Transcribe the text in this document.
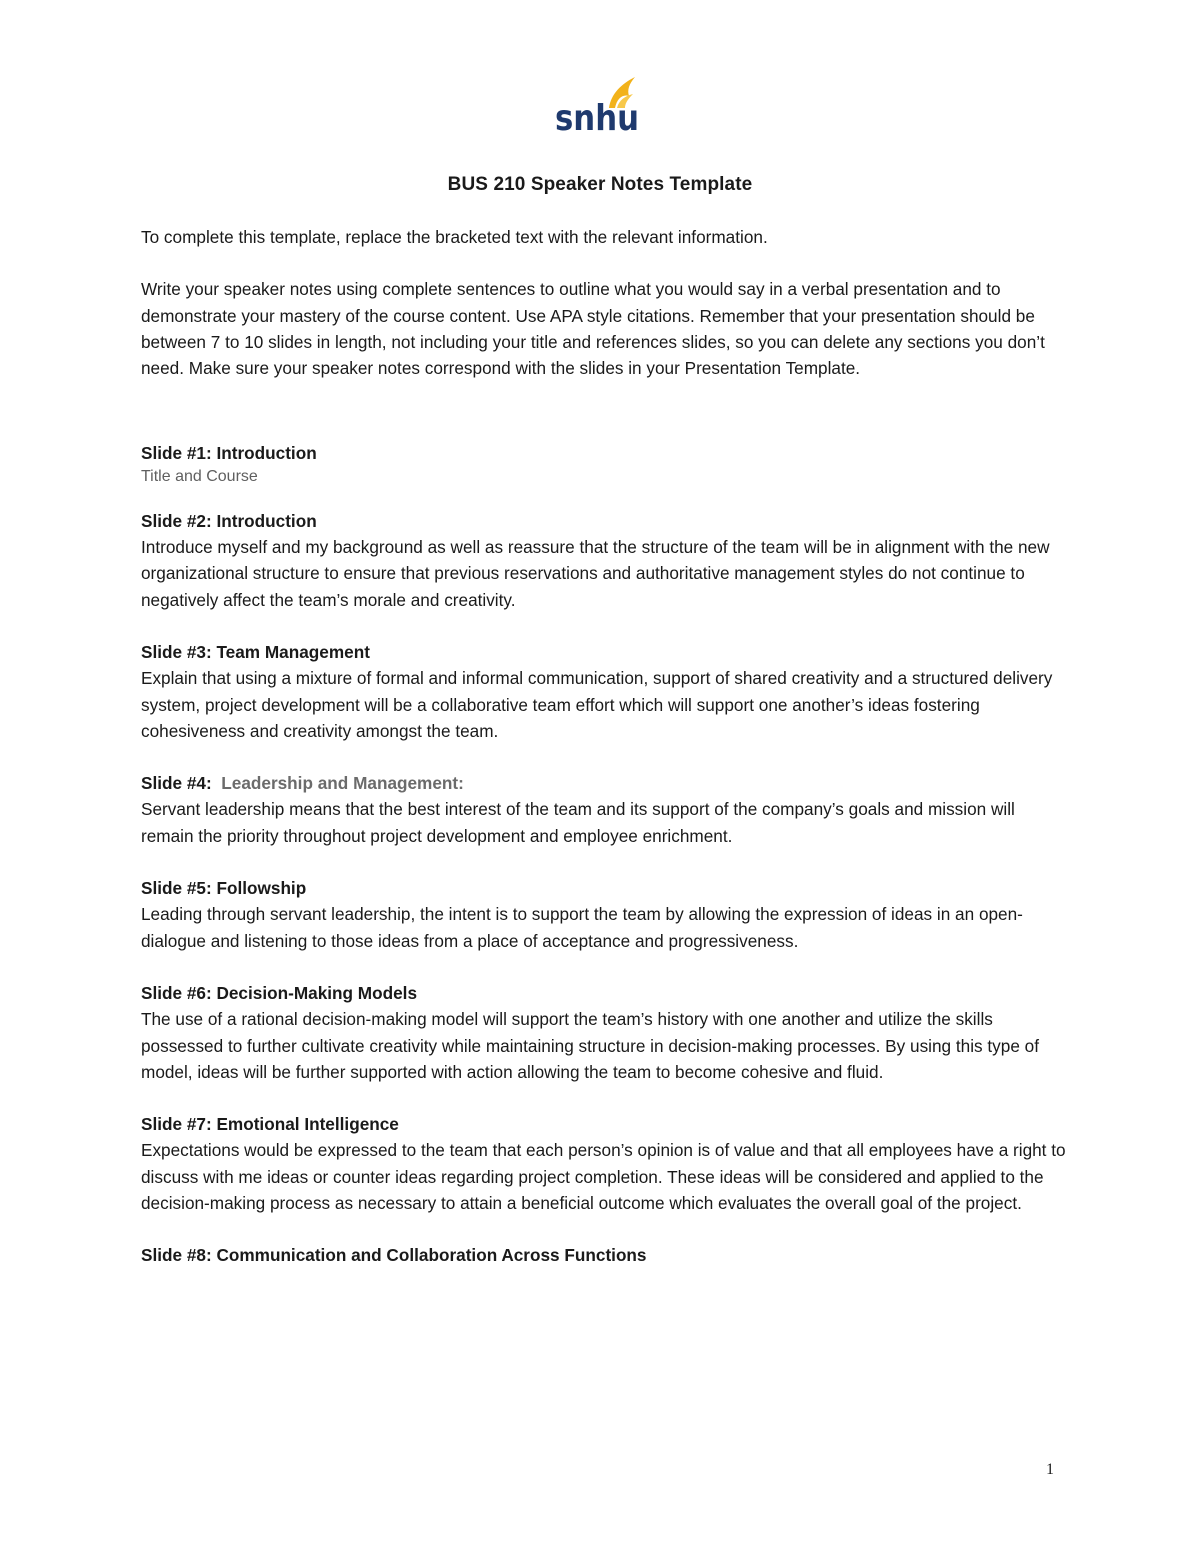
snhu
BUS 210 Speaker Notes Template

To complete this template, replace the bracketed text with the relevant information.

Write your speaker notes using complete sentences to outline what you would say in a verbal presentation and to demonstrate your mastery of the course content. Use APA style citations. Remember that your presentation should be between 7 to 10 slides in length, not including your title and references slides, so you can delete any sections you don’t need. Make sure your speaker notes correspond with the slides in your Presentation Template.

Slide #1: Introduction

Title and Course

Slide #2: Introduction

Introduce myself and my background as well as reassure that the structure of the team will be in alignment with the new organizational structure to ensure that previous reservations and authoritative management styles do not continue to negatively affect the team’s morale and creativity.

Slide #3: Team Management

Explain that using a mixture of formal and informal communication, support of shared creativity and a structured delivery system, project development will be a collaborative team effort which will support one another’s ideas fostering cohesiveness and creativity amongst the team.

Slide #4: Leadership and Management:

Servant leadership means that the best interest of the team and its support of the company’s goals and mission will remain the priority throughout project development and employee enrichment.

Slide #5: Followship

Leading through servant leadership, the intent is to support the team by allowing the expression of ideas in an open- dialogue and listening to those ideas from a place of acceptance and progressiveness.

Slide #6: Decision-Making Models

The use of a rational decision-making model will support the team’s history with one another and utilize the skills possessed to further cultivate creativity while maintaining structure in decision-making processes. By using this type of model, ideas will be further supported with action allowing the team to become cohesive and fluid.

Slide #7: Emotional Intelligence

Expectations would be expressed to the team that each person’s opinion is of value and that all employees have a right to discuss with me ideas or counter ideas regarding project completion. These ideas will be considered and applied to the decision-making process as necessary to attain a beneficial outcome which evaluates the overall goal of the project.

Slide #8: Communication and Collaboration Across Functions

1
